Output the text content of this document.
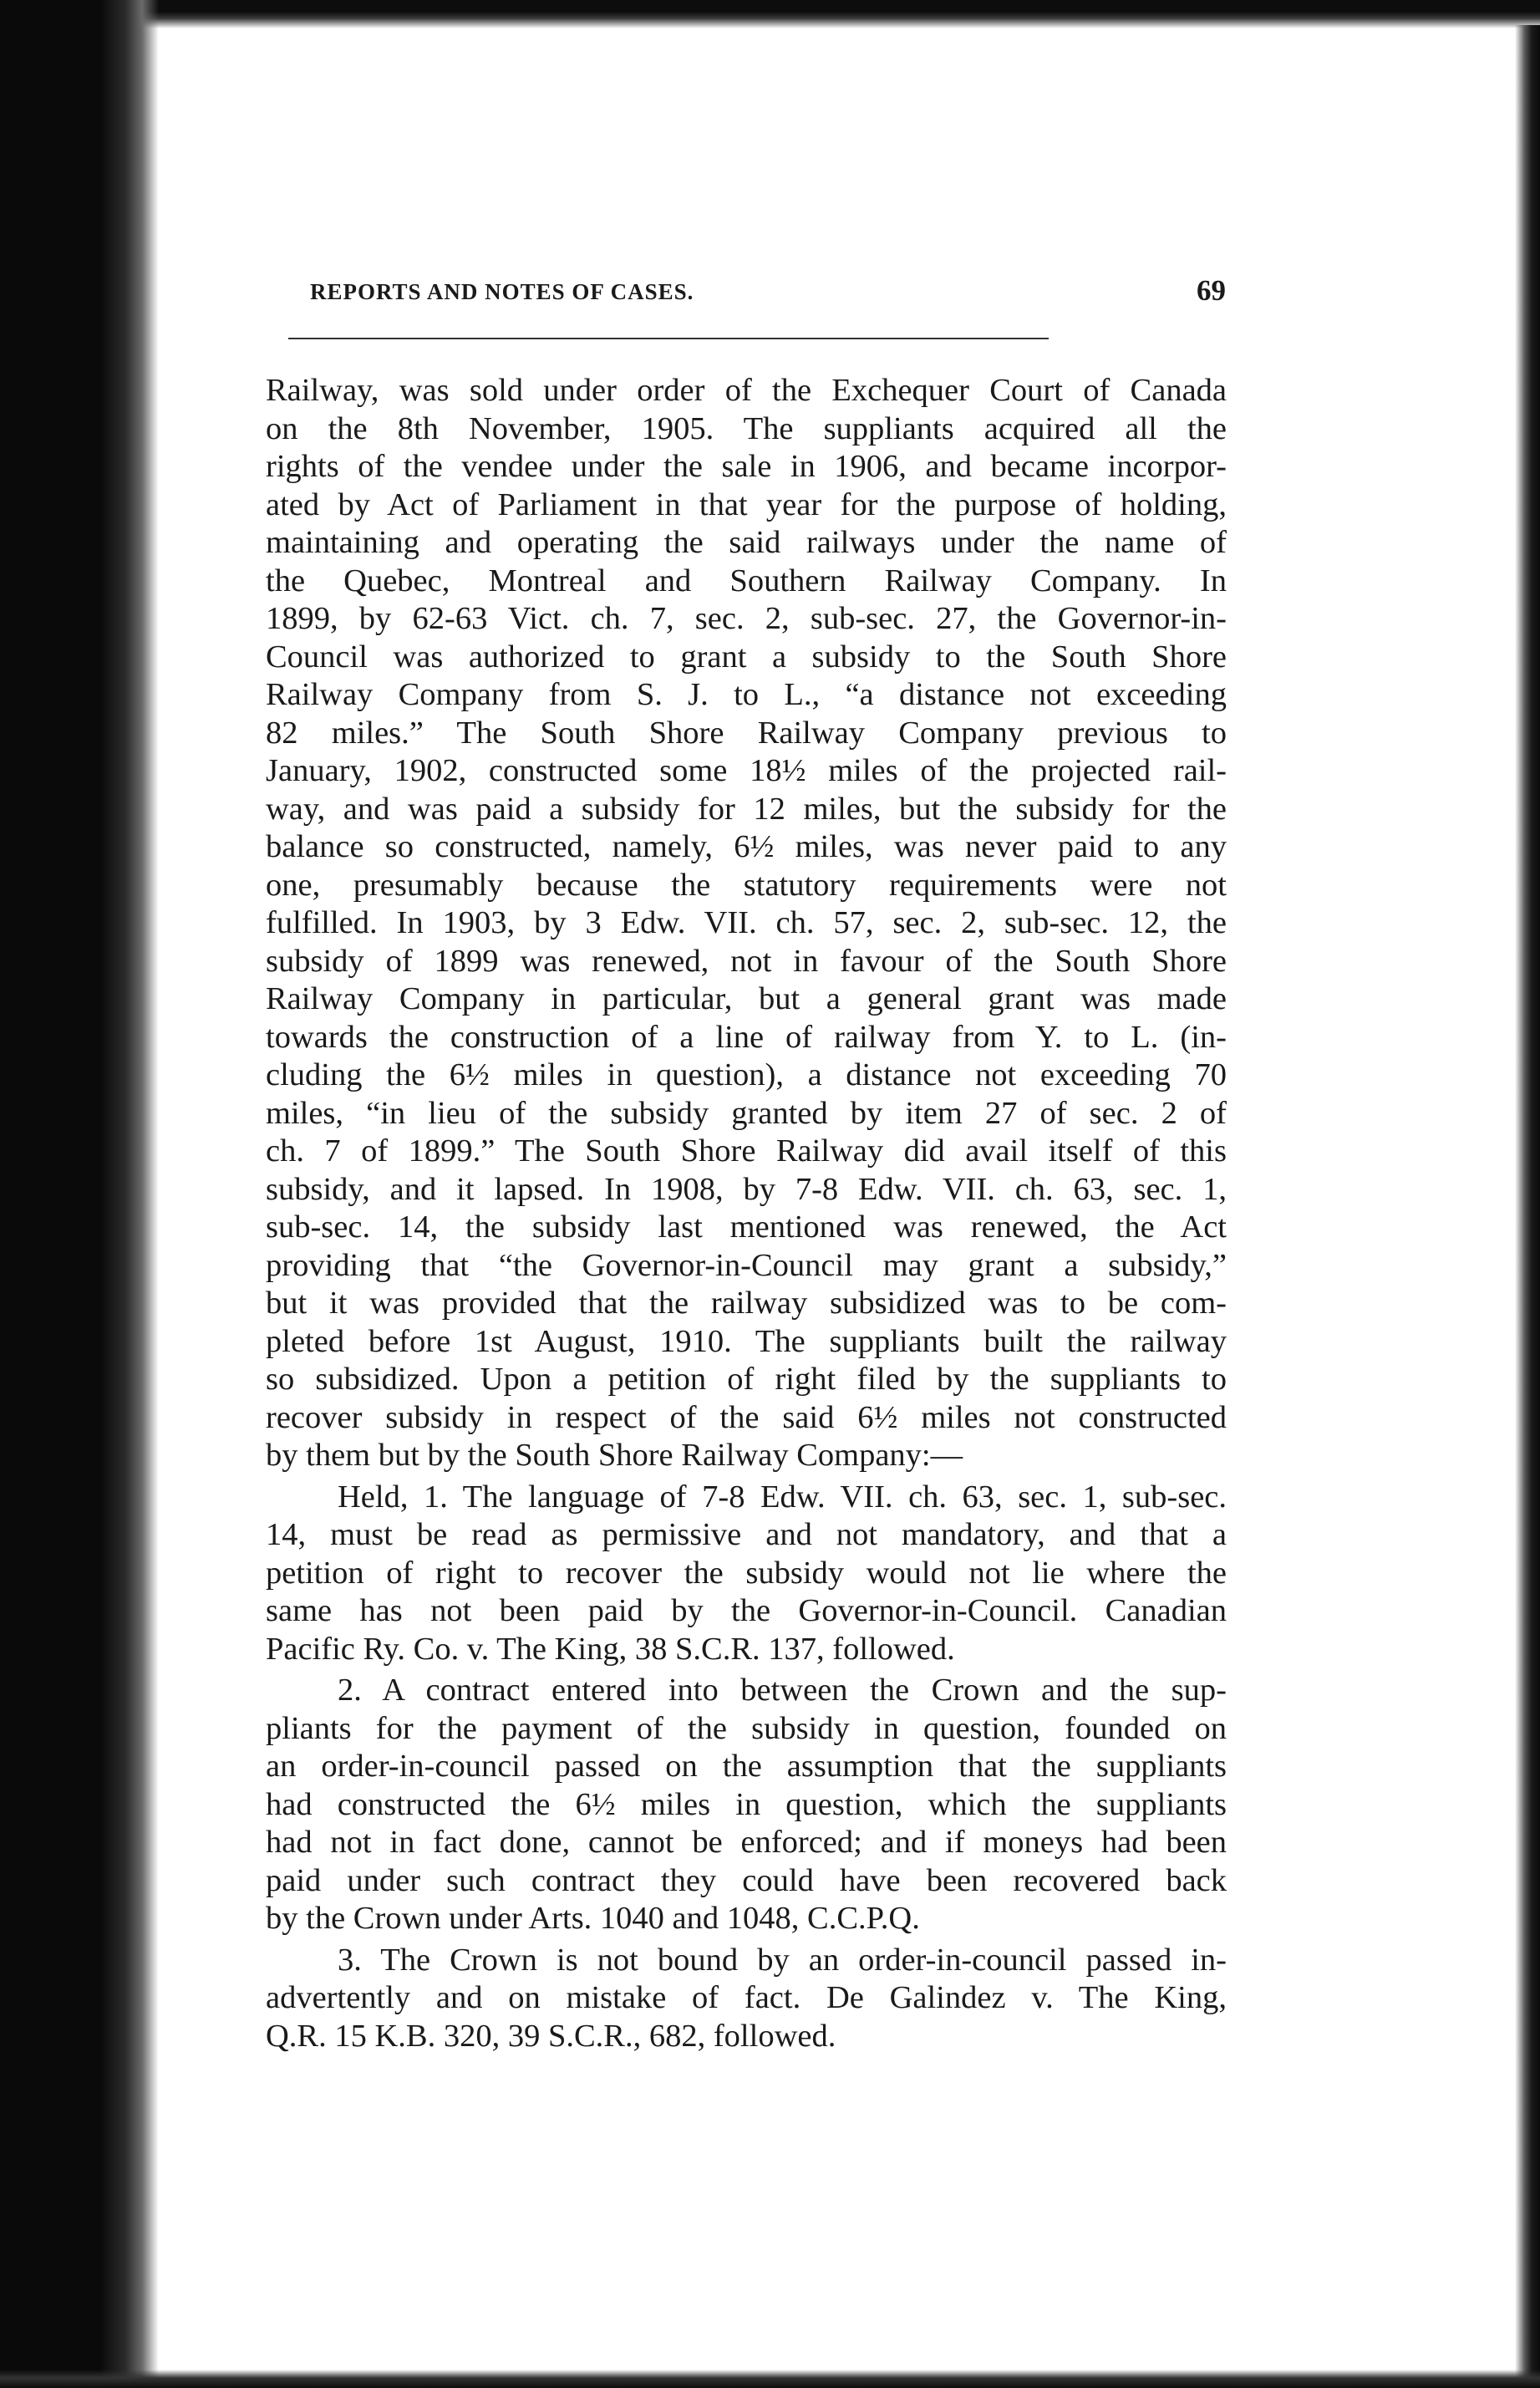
REPORTS AND NOTES OF CASES.	69
Railway, was sold under order of the Exchequer Court of Canada
on the 8th November, 1905. The suppliants acquired all the
rights of the vendee under the sale in 1906, and became incorpor-
ated by Act of Parliament in that year for the purpose of holding,
maintaining and operating the said railways under the name of
the Quebec, Montreal and Southern Railway Company. In
1899, by 62-63 Vict. ch. 7, sec. 2, sub-sec. 27, the Governor-in-
Council was authorized to grant a subsidy to the South Shore
Railway Company from S. J. to L., “a distance not exceeding
82 miles.” The South Shore Railway Company previous to
January, 1902, constructed some 18½ miles of the projected rail-
way, and was paid a subsidy for 12 miles, but the subsidy for the
balance so constructed, namely, 6½ miles, was never paid to any
one, presumably because the statutory requirements were not
fulfilled. In 1903, by 3 Edw. VII. ch. 57, sec. 2, sub-sec. 12, the
subsidy of 1899 was renewed, not in favour of the South Shore
Railway Company in particular, but a general grant was made
towards the construction of a line of railway from Y. to L. (in-
cluding the 6½ miles in question), a distance not exceeding 70
miles, “in lieu of the subsidy granted by item 27 of sec. 2 of
ch. 7 of 1899.” The South Shore Railway did avail itself of this
subsidy, and it lapsed. In 1908, by 7-8 Edw. VII. ch. 63, sec. 1,
sub-sec. 14, the subsidy last mentioned was renewed, the Act
providing that “the Governor-in-Council may grant a subsidy,”
but it was provided that the railway subsidized was to be com-
pleted before 1st August, 1910. The suppliants built the railway
so subsidized. Upon a petition of right filed by the suppliants to
recover subsidy in respect of the said 6½ miles not constructed
by them but by the South Shore Railway Company:—
Held, 1. The language of 7-8 Edw. VII. ch. 63, sec. 1, sub-sec.
14, must be read as permissive and not mandatory, and that a
petition of right to recover the subsidy would not lie where the
same has not been paid by the Governor-in-Council. Canadian
Pacific Ry. Co. v. The King, 38 S.C.R. 137, followed.
2. A contract entered into between the Crown and the sup-
pliants for the payment of the subsidy in question, founded on
an order-in-council passed on the assumption that the suppliants
had constructed the 6½ miles in question, which the suppliants
had not in fact done, cannot be enforced; and if moneys had been
paid under such contract they could have been recovered back
by the Crown under Arts. 1040 and 1048, C.C.P.Q.
3. The Crown is not bound by an order-in-council passed in-
advertently and on mistake of fact. De Galindez v. The King,
Q.R. 15 K.B. 320, 39 S.C.R., 682, followed.
